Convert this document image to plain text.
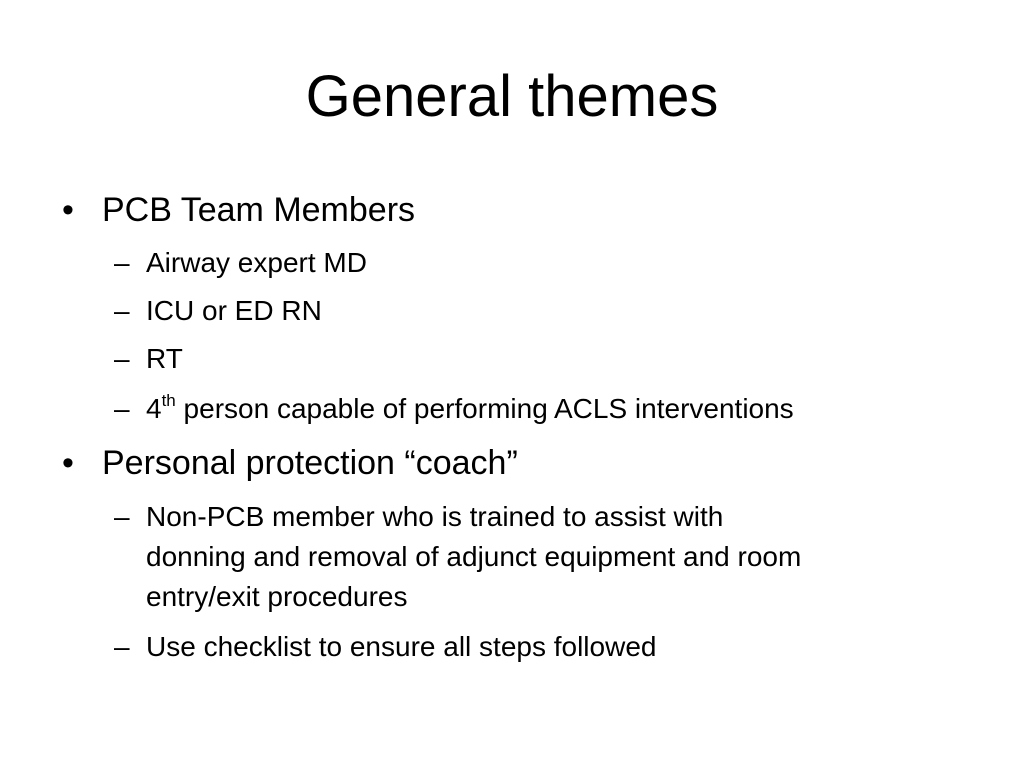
General themes
• PCB Team Members
– Airway expert MD
– ICU or ED RN
– RT
– 4th person capable of performing ACLS interventions
• Personal protection “coach”
– Non-PCB member who is trained to assist with
donning and removal of adjunct equipment and room
entry/exit procedures
– Use checklist to ensure all steps followed
